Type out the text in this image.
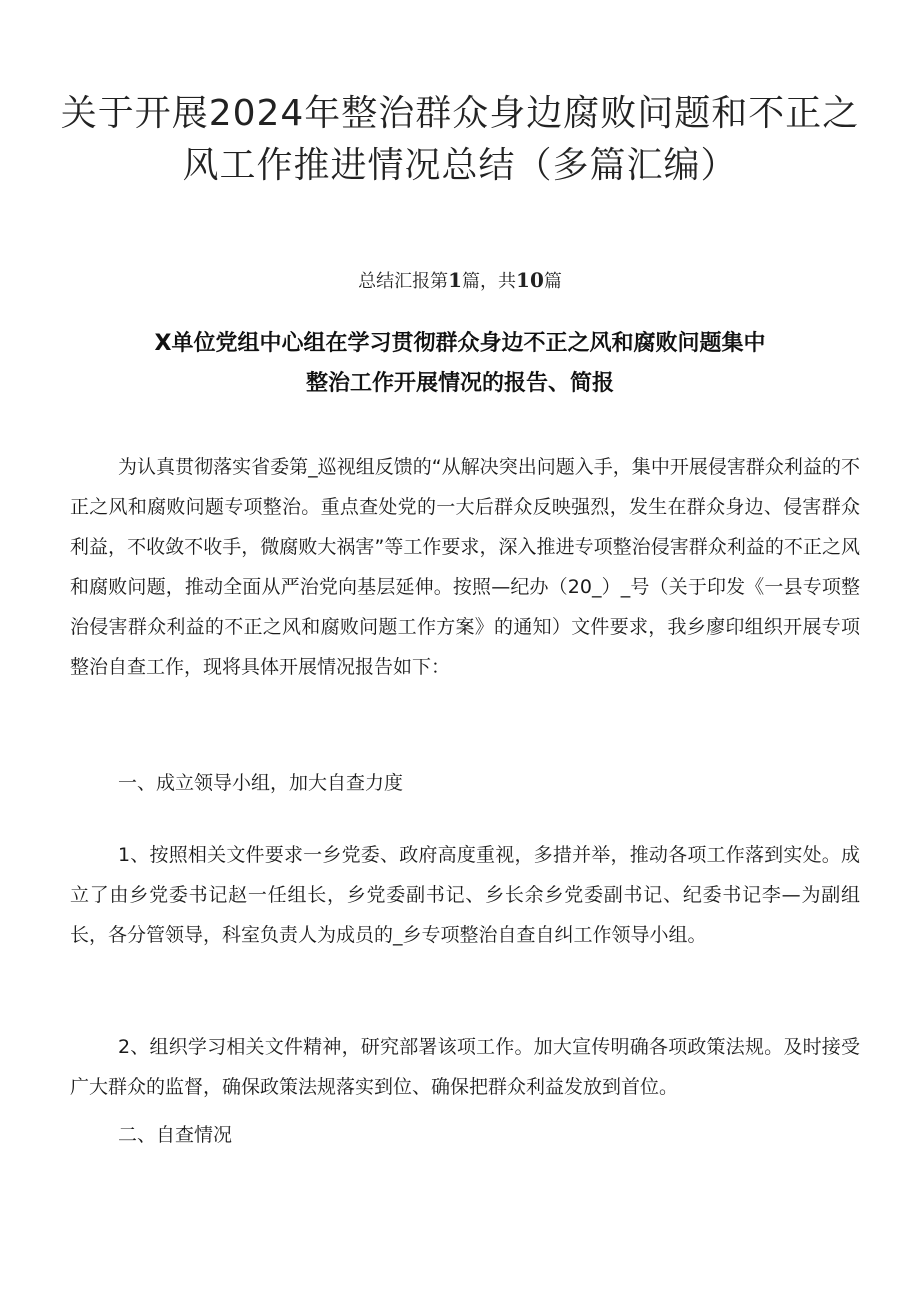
关于开展2024年整治群众身边腐败问题和不正之风工作推进情况总结（多篇汇编）
总结汇报第1篇，共10篇
X单位党组中心组在学习贯彻群众身边不正之风和腐败问题集中整治工作开展情况的报告、简报

为认真贯彻落实省委第_巡视组反馈的“从解决突出问题入手，集中开展侵害群众利益的不正之风和腐败问题专项整治。重点查处党的一大后群众反映强烈，发生在群众身边、侵害群众利益，不收敛不收手，微腐败大祸害”等工作要求，深入推进专项整治侵害群众利益的不正之风和腐败问题，推动全面从严治党向基层延伸。按照—纪办（20_）_号（关于印发《一县专项整治侵害群众利益的不正之风和腐败问题工作方案》的通知）文件要求，我乡廖印组织开展专项整治自查工作，现将具体开展情况报告如下：

一、成立领导小组，加大自查力度

1、按照相关文件要求一乡党委、政府高度重视，多措并举，推动各项工作落到实处。成立了由乡党委书记赵一任组长，乡党委副书记、乡长余乡党委副书记、纪委书记李—为副组长，各分管领导，科室负责人为成员的_乡专项整治自查自纠工作领导小组。

2、组织学习相关文件精神，研究部署该项工作。加大宣传明确各项政策法规。及时接受广大群众的监督，确保政策法规落实到位、确保把群众利益发放到首位。

二、自查情况
